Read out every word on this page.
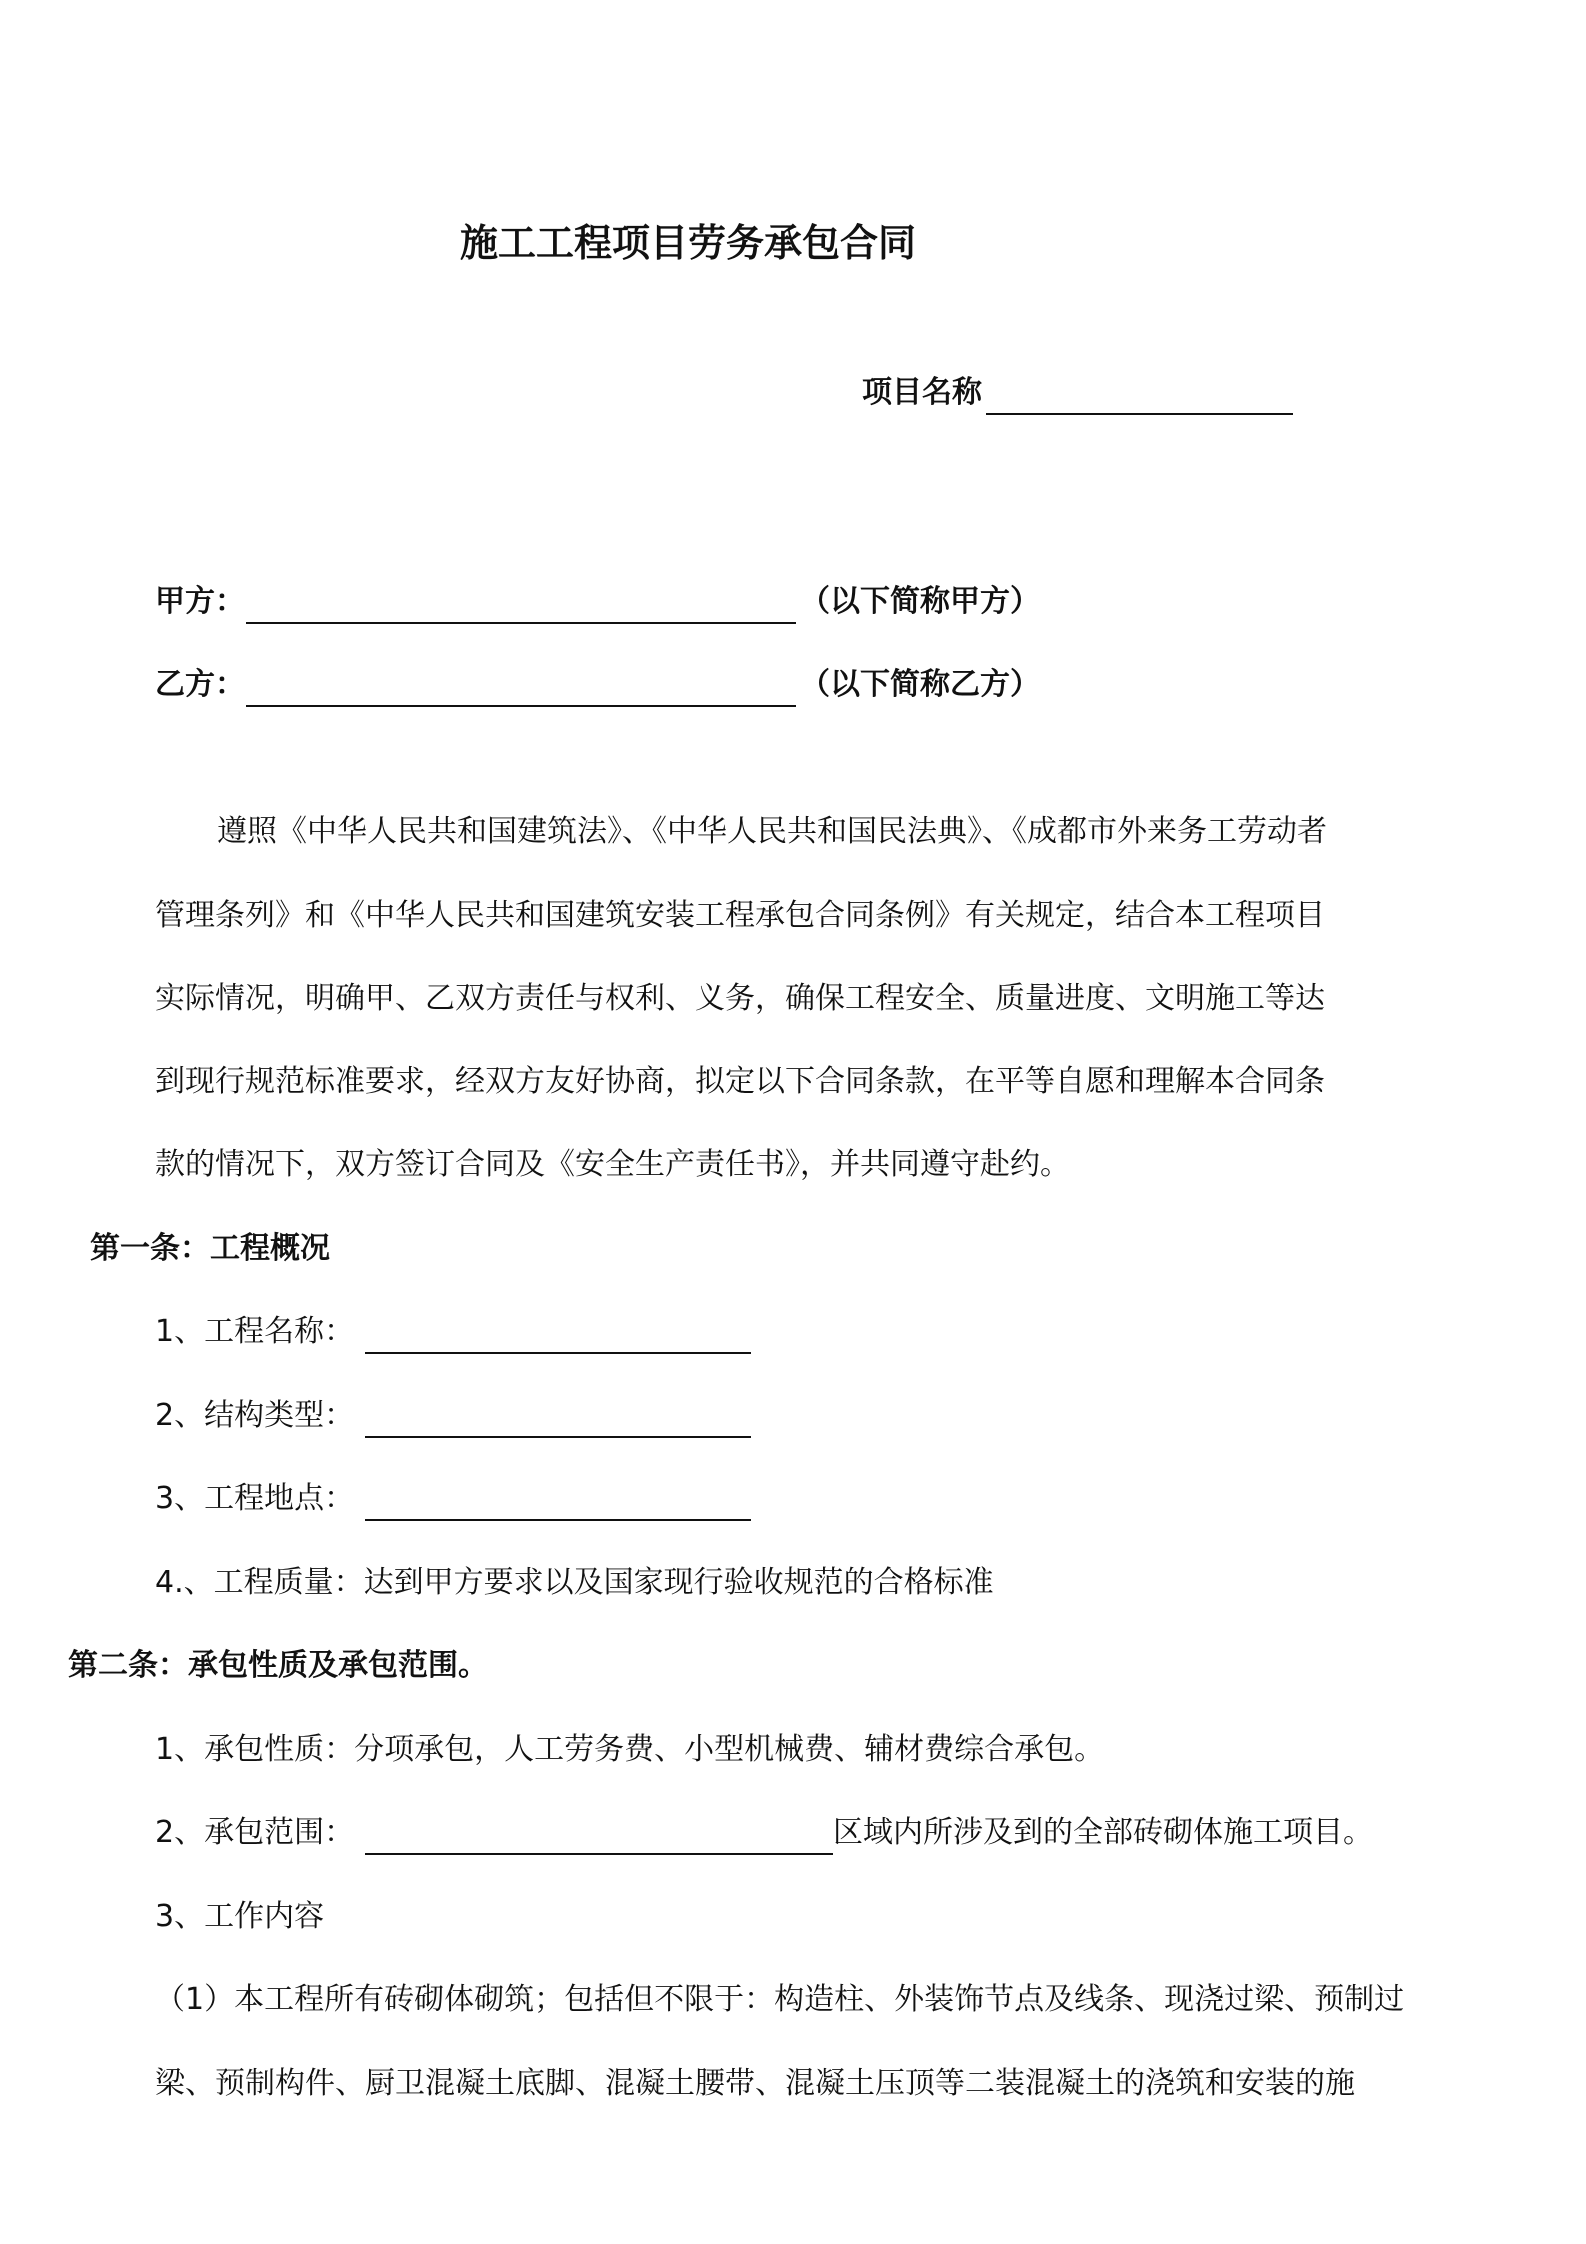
施工工程项目劳务承包合同
项目名称
甲方：	（以下简称甲方）
乙方：	（以下简称乙方）
遵照《中华人民共和国建筑法》、《中华人民共和国民法典》、《成都市外来务工劳动者
管理条列》和《中华人民共和国建筑安装工程承包合同条例》有关规定，结合本工程项目
实际情况，明确甲、乙双方责任与权利、义务，确保工程安全、质量进度、文明施工等达
到现行规范标准要求，经双方友好协商，拟定以下合同条款，在平等自愿和理解本合同条
款的情况下，双方签订合同及《安全生产责任书》，并共同遵守赴约。
第一条：工程概况
1、工程名称：
2、结构类型：
3、工程地点：
4.、工程质量：达到甲方要求以及国家现行验收规范的合格标准
第二条：承包性质及承包范围。
1、承包性质：分项承包，人工劳务费、小型机械费、辅材费综合承包。
2、承包范围：	区域内所涉及到的全部砖砌体施工项目。
3、工作内容
（1）本工程所有砖砌体砌筑；包括但不限于：构造柱、外装饰节点及线条、现浇过梁、预制过
梁、预制构件、厨卫混凝土底脚、混凝土腰带、混凝土压顶等二装混凝土的浇筑和安装的施
